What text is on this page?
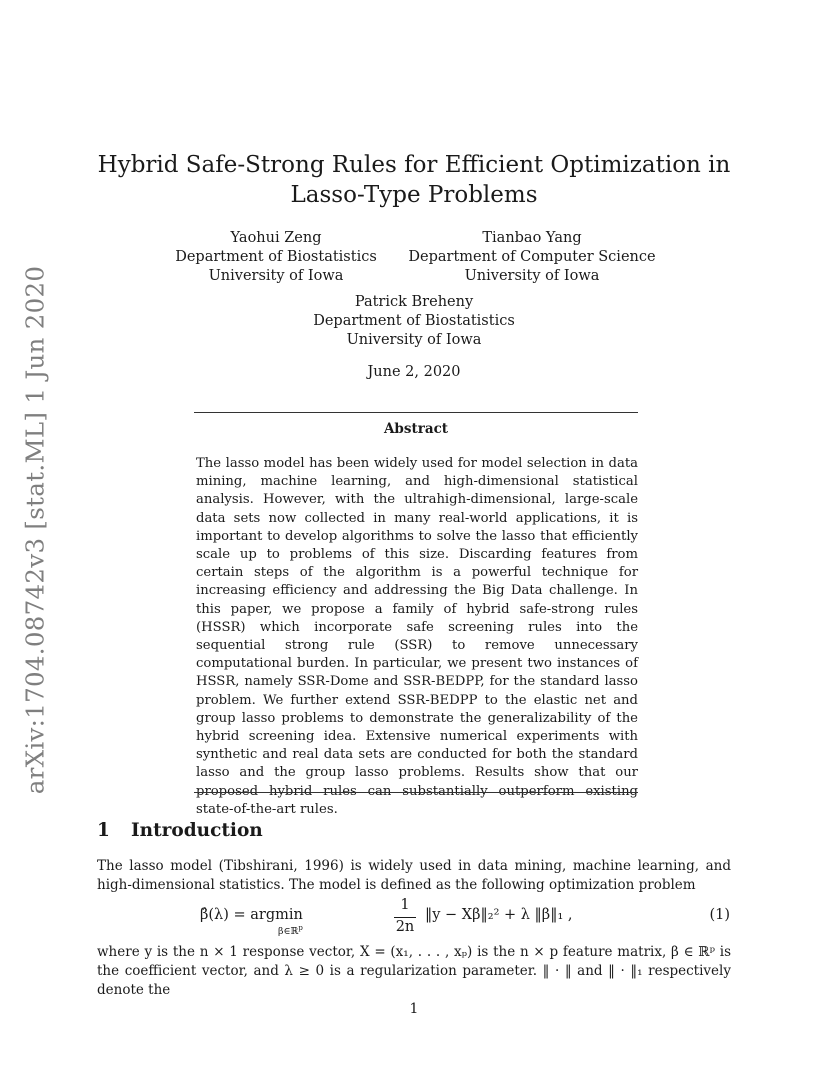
arXiv:1704.08742v3 [stat.ML] 1 Jun 2020
Hybrid Safe-Strong Rules for Efficient Optimization in Lasso-Type Problems
Yaohui Zeng
Department of Biostatistics
University of Iowa
Tianbao Yang
Department of Computer Science
University of Iowa
Patrick Breheny
Department of Biostatistics
University of Iowa
June 2, 2020
Abstract
The lasso model has been widely used for model selection in data mining, machine learning, and high-dimensional statistical analysis. However, with the ultrahigh-dimensional, large-scale data sets now collected in many real-world applications, it is important to develop algorithms to solve the lasso that efficiently scale up to problems of this size. Discarding features from certain steps of the algorithm is a powerful technique for increasing efficiency and addressing the Big Data challenge. In this paper, we propose a family of hybrid safe-strong rules (HSSR) which incorporate safe screening rules into the sequential strong rule (SSR) to remove unnecessary computational burden. In particular, we present two instances of HSSR, namely SSR-Dome and SSR-BEDPP, for the standard lasso problem. We further extend SSR-BEDPP to the elastic net and group lasso problems to demonstrate the generalizability of the hybrid screening idea. Extensive numerical experiments with synthetic and real data sets are conducted for both the standard lasso and the group lasso problems. Results show that our proposed hybrid rules can substantially outperform existing state-of-the-art rules.
1 Introduction
The lasso model (Tibshirani, 1996) is widely used in data mining, machine learning, and high-dimensional statistics. The model is defined as the following optimization problem
β̂(λ) = argmin
β∈ℝ$^p$
1
2n
‖y − Xβ‖₂² + λ ‖β‖₁ ,	(1)
where y is the n × 1 response vector, X = (x₁, . . . , xₚ) is the n × p feature matrix, β ∈ ℝᵖ is the coefficient vector, and λ ≥ 0 is a regularization parameter. ‖ · ‖ and ‖ · ‖₁ respectively denote the
1
